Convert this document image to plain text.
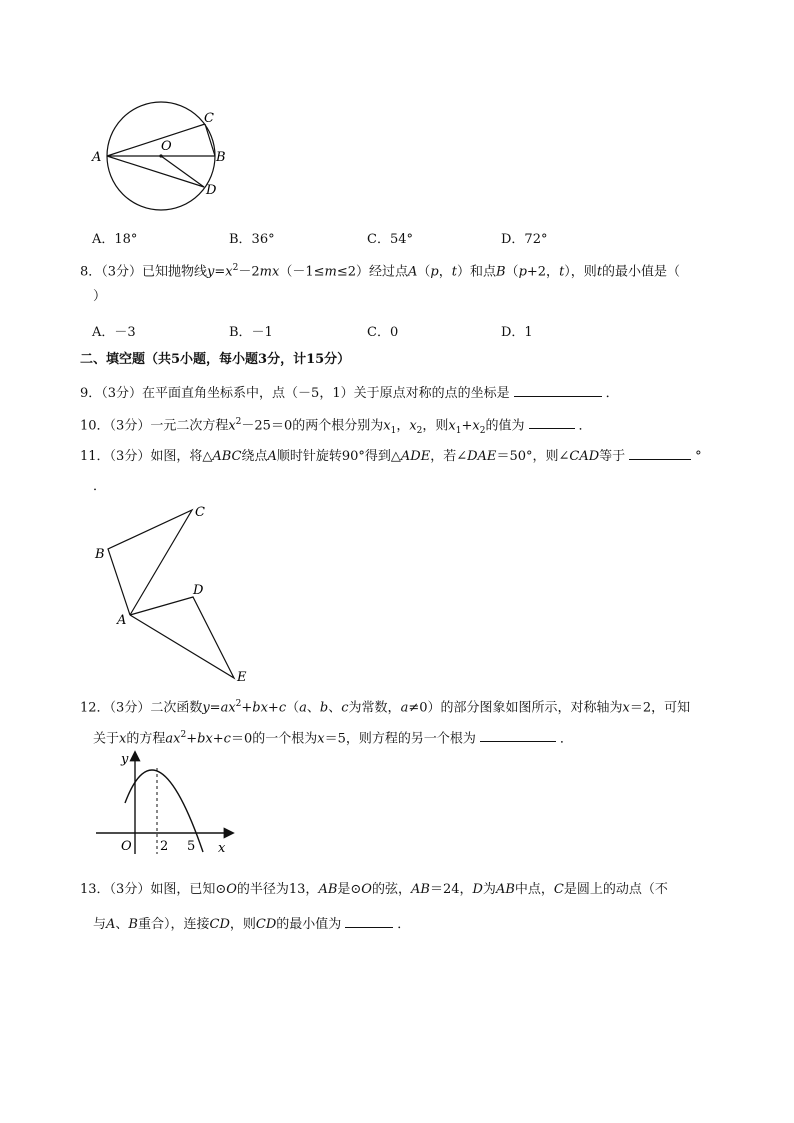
A
O
B
C
D
A．18°	B．36°	C．54°	D．72°
8．（3分）已知抛物线$y=x^2-2mx(-1\le m\le 2)$经过点A（p，t）和点B（p+2，t），则t的最小值是（
）
A．－3	B．－1	C．0	D．1
二、填空题（共5小题，每小题3分，计15分）
9．（3分）在平面直角坐标系中，点（－5，1）关于原点对称的点的坐标是	．
10．（3分）一元二次方程$x^2-25=0$的两个根分别为$x_1$，$x_2$，则$x_1+x_2$的值为	．
11．（3分）如图，将△ABC绕点A顺时针旋转90°得到△ADE，若∠DAE＝50°，则∠CAD等于	°
．
B
C
D
A
E
12．（3分）二次函数$y=ax^2+bx+c(a$、b、c为常数，a≠0）的部分图象如图所示，对称轴为x＝2，可知
关于x的方程$ax^2+bx+c=0$的一个根为x＝5，则方程的另一个根为	．
y
x
O 2 5
13．（3分）如图，已知⊙O的半径为13，AB是⊙O的弦，AB＝24，D为AB中点，C是圆上的动点（不
与A、B重合），连接CD，则CD的最小值为	．
